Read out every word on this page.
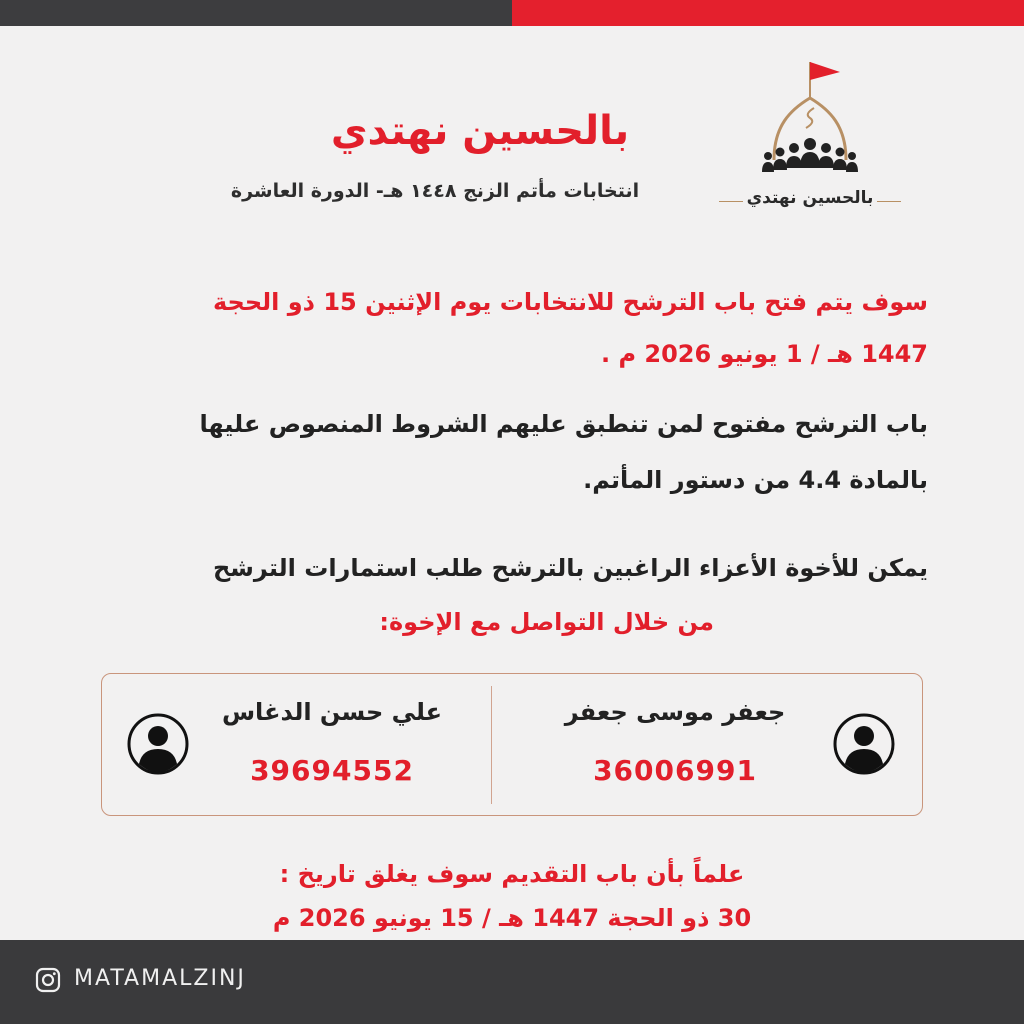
بالحسين نهتدي
بالحسين نهتدي
انتخابات مأتم الزنج ١٤٤٨ هـ- الدورة العاشرة
سوف يتم فتح باب الترشح للانتخابات يوم الإثنين 15 ذو الحجة
1447 هـ / 1 يونيو 2026 م .
باب الترشح مفتوح لمن تنطبق عليهم الشروط المنصوص عليها
بالمادة 4.4 من دستور المأتم.
يمكن للأخوة الأعزاء الراغبين بالترشح طلب استمارات الترشح
من خلال التواصل مع الإخوة:
جعفر موسى جعفر
36006991
علي حسن الدغاس
39694552
علماً بأن باب التقديم سوف يغلق تاريخ :
30 ذو الحجة 1447 هـ / 15 يونيو 2026 م
MATAMALZINJ
